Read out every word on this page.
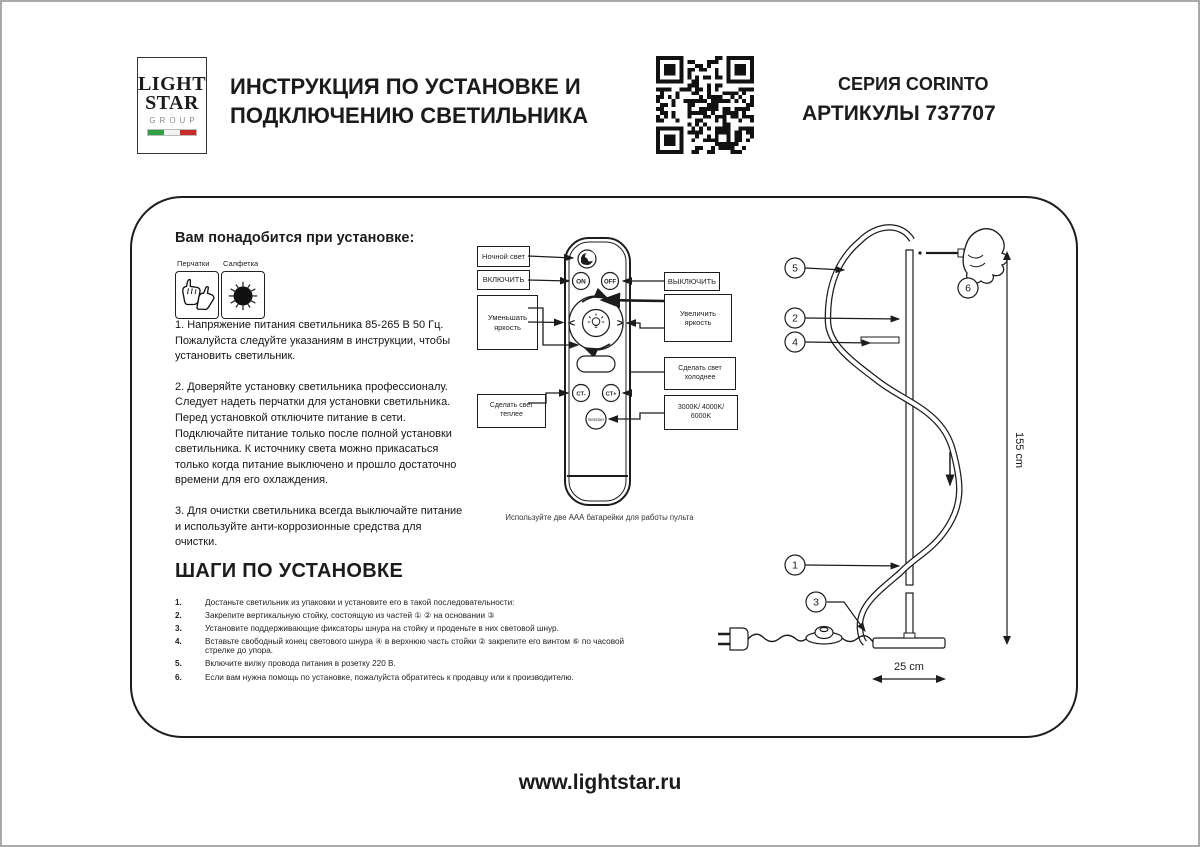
LIGHT
STAR
GROUP
ИНСТРУКЦИЯ ПО УСТАНОВКЕ И
ПОДКЛЮЧЕНИЮ СВЕТИЛЬНИКА
СЕРИЯ CORINTO
АРТИКУЛЫ 737707
Вам понадобится при установке:
Перчатки Салфетка

1. Напряжение питания светильника 85-265 В 50 Гц. Пожалуйста следуйте указаниям в инструкции, чтобы установить светильник.

2. Доверяйте установку светильника профессионалу. Следует надеть перчатки для установки светильника. Перед установкой отключите питание в сети. Подключайте питание только после полной установки светильника. К источнику света можно прикасаться только когда питание выключено и прошло достаточно времени для его охлаждения.

3. Для очистки светильника всегда выключайте питание и используйте анти-коррозионные средства для очистки.

Ночной свет
ВКЛЮЧИТЬ
Уменьшать яркость
Сделать свет теплее
ВЫКЛЮЧИТЬ
Увеличить яркость
Сделать свет холоднее
3000K/ 4000K/ 6000K
Используйте две ААА батарейки для работы пульта
ON	OFF
<	>
CT-	CT+
Section
5
2
4
1
3
6
155 cm
25 cm
ШАГИ ПО УСТАНОВКЕ
1.	Достаньте светильник из упаковки и установите его в такой последовательности:
2.	Закрепите вертикальную стойку, состоящую из частей ① ② на основании ③
3.	Установите поддерживающие фиксаторы шнура на стойку и проденьте в них световой шнур.
4.	Вставьте свободный конец светового шнура ④ в верхнюю часть стойки ② закрепите его винтом ⑥ по часовой стрелке до упора.
5.	Включите вилку провода питания в розетку 220 В.
6.	Если вам нужна помощь по установке, пожалуйста обратитесь к продавцу или к производителю.
www.lightstar.ru
